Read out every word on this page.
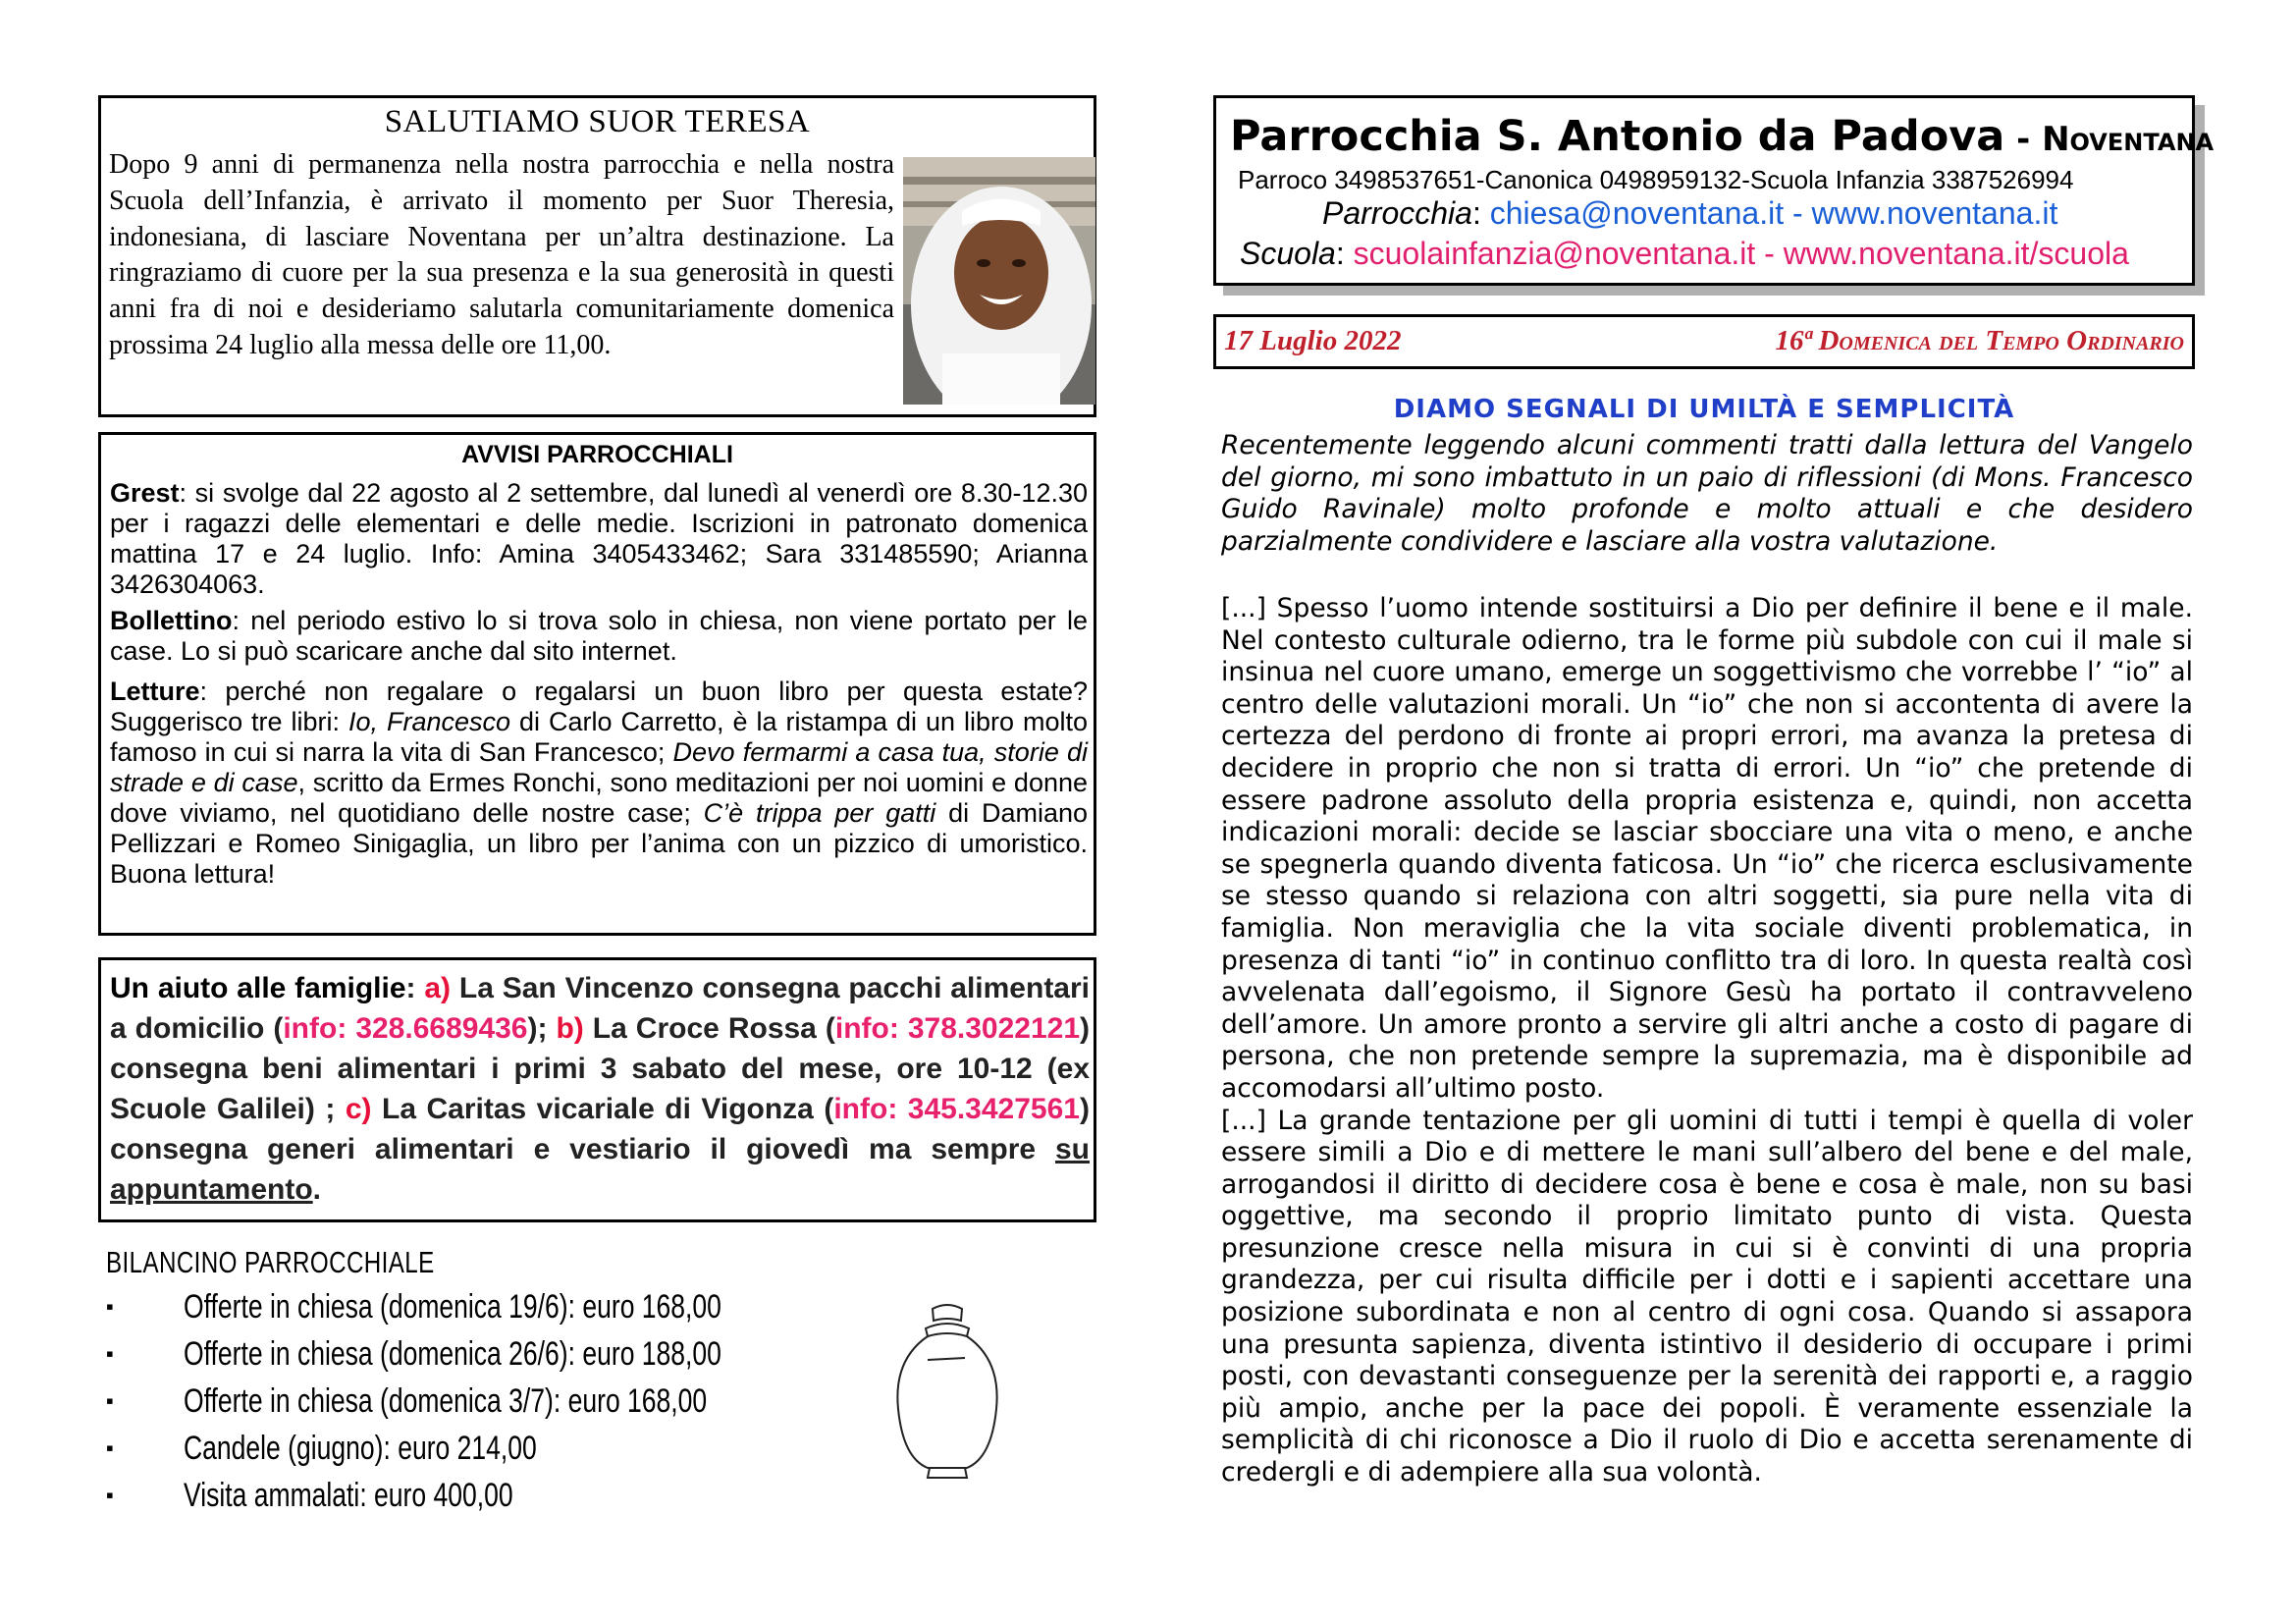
SALUTIAMO SUOR TERESA
Dopo 9 anni di permanenza nella nostra parrocchia e nella nostra Scuola dell’Infanzia, è arrivato il momento per Suor Theresia, indonesiana, di lasciare Noventana per un’altra destinazione. La ringraziamo di cuore per la sua presenza e la sua generosità in questi anni fra di noi e desideriamo salutarla comunitariamente domenica prossima 24 luglio alla messa delle ore 11,00.
AVVISI PARROCCHIALI
Grest: si svolge dal 22 agosto al 2 settembre, dal lunedì al venerdì ore 8.30-12.30 per i ragazzi delle elementari e delle medie. Iscrizioni in patronato domenica mattina 17 e 24 luglio. Info: Amina 3405433462; Sara 331485590; Arianna 3426304063.
Bollettino: nel periodo estivo lo si trova solo in chiesa, non viene portato per le case. Lo si può scaricare anche dal sito internet.
Letture: perché non regalare o regalarsi un buon libro per questa estate? Suggerisco tre libri: Io, Francesco di Carlo Carretto, è la ristampa di un libro molto famoso in cui si narra la vita di San Francesco; Devo fermarmi a casa tua, storie di strade e di case, scritto da Ermes Ronchi, sono meditazioni per noi uomini e donne dove viviamo, nel quotidiano delle nostre case; C’è trippa per gatti di Damiano Pellizzari e Romeo Sinigaglia, un libro per l’anima con un pizzico di umoristico. Buona lettura!
Un aiuto alle famiglie: a) La San Vincenzo consegna pacchi alimentari a domicilio (info: 328.6689436); b) La Croce Rossa (info: 378.3022121) consegna beni alimentari i primi 3 sabato del mese, ore 10-12 (ex Scuole Galilei) ; c) La Caritas vicariale di Vigonza (info: 345.3427561) consegna generi alimentari e vestiario il giovedì ma sempre su appuntamento.
BILANCINO PARROCCHIALE
▪ Offerte in chiesa (domenica 19/6): euro 168,00
▪ Offerte in chiesa (domenica 26/6): euro 188,00
▪ Offerte in chiesa (domenica 3/7): euro 168,00
▪ Candele (giugno): euro 214,00
▪ Visita ammalati: euro 400,00
Parrocchia S. Antonio da Padova - Noventana
Parroco 3498537651-Canonica 0498959132-Scuola Infanzia 3387526994
Parrocchia: chiesa@noventana.it - www.noventana.it
Scuola: scuolainfanzia@noventana.it - www.noventana.it/scuola
17 Luglio 2022	16ª Domenica del Tempo Ordinario
DIAMO SEGNALI DI UMILTÀ E SEMPLICITÀ
Recentemente leggendo alcuni commenti tratti dalla lettura del Vangelo del giorno, mi sono imbattuto in un paio di riflessioni (di Mons. Francesco Guido Ravinale) molto profonde e molto attuali e che desidero parzialmente condividere e lasciare alla vostra valutazione.

[...] Spesso l’uomo intende sostituirsi a Dio per definire il bene e il male. Nel contesto culturale odierno, tra le forme più subdole con cui il male si insinua nel cuore umano, emerge un soggettivismo che vorrebbe l’ “io” al centro delle valutazioni morali. Un “io” che non si accontenta di avere la certezza del perdono di fronte ai propri errori, ma avanza la pretesa di decidere in proprio che non si tratta di errori. Un “io” che pretende di essere padrone assoluto della propria esistenza e, quindi, non accetta indicazioni morali: decide se lasciar sbocciare una vita o meno, e anche se spegnerla quando diventa faticosa. Un “io” che ricerca esclusivamente se stesso quando si relaziona con altri soggetti, sia pure nella vita di famiglia. Non meraviglia che la vita sociale diventi problematica, in presenza di tanti “io” in continuo conflitto tra di loro. In questa realtà così avvelenata dall’egoismo, il Signore Gesù ha portato il contravveleno dell’amore. Un amore pronto a servire gli altri anche a costo di pagare di persona, che non pretende sempre la supremazia, ma è disponibile ad accomodarsi all’ultimo posto.

[...] La grande tentazione per gli uomini di tutti i tempi è quella di voler essere simili a Dio e di mettere le mani sull’albero del bene e del male, arrogandosi il diritto di decidere cosa è bene e cosa è male, non su basi oggettive, ma secondo il proprio limitato punto di vista. Questa presunzione cresce nella misura in cui si è convinti di una propria grandezza, per cui risulta difficile per i dotti e i sapienti accettare una posizione subordinata e non al centro di ogni cosa. Quando si assapora una presunta sapienza, diventa istintivo il desiderio di occupare i primi posti, con devastanti conseguenze per la serenità dei rapporti e, a raggio più ampio, anche per la pace dei popoli. È veramente essenziale la semplicità di chi riconosce a Dio il ruolo di Dio e accetta serenamente di credergli e di adempiere alla sua volontà.
